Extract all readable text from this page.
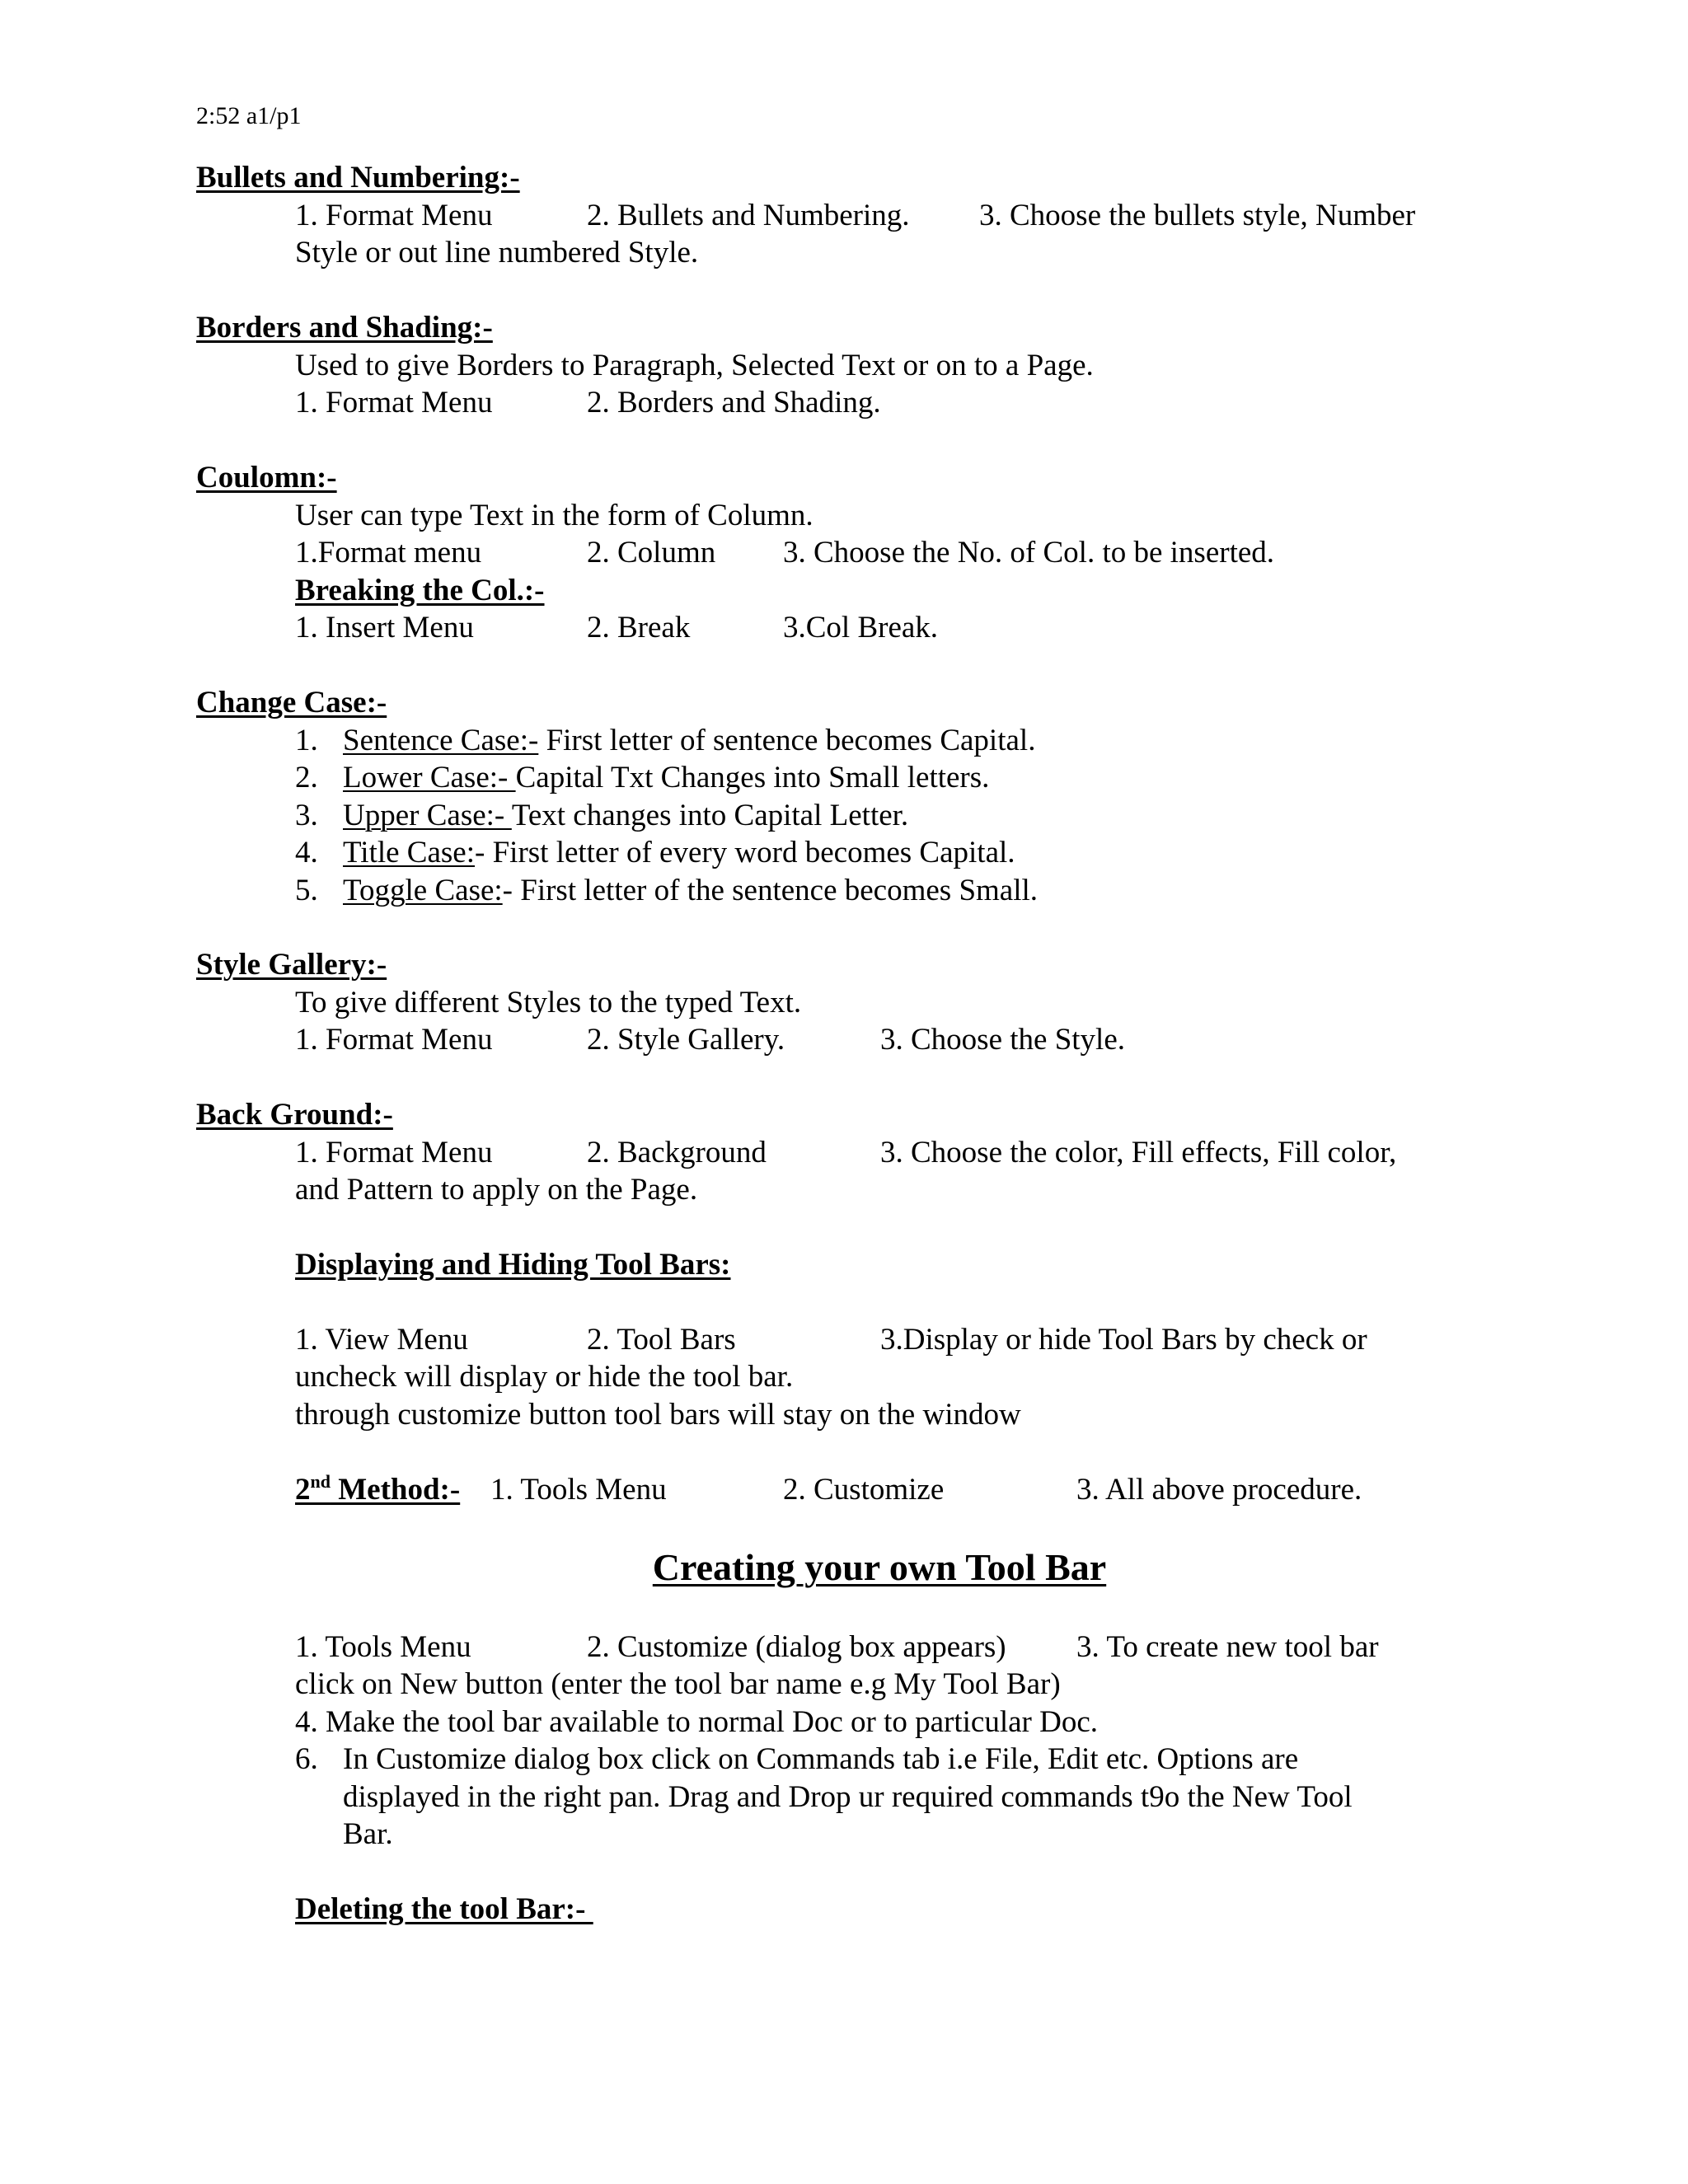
2:52 a1/p1
Bullets and Numbering:-
1. Format Menu	2. Bullets and Numbering. 3. Choose the bullets style, Number
Style or out line numbered Style.
Borders and Shading:-
Used to give Borders to Paragraph, Selected Text or on to a Page.
1. Format Menu	2. Borders and Shading.
Coulomn:-
User can type Text in the form of Column.
1.Format menu	2. Column 3. Choose the No. of Col. to be inserted.
Breaking the Col.:-
1. Insert Menu	2. Break	3.Col Break.
Change Case:-
1. Sentence Case:- First letter of sentence becomes Capital.
2. Lower Case:- Capital Txt Changes into Small letters.
3. Upper Case:- Text changes into Capital Letter.
4. Title Case:- First letter of every word becomes Capital.
5. Toggle Case:- First letter of the sentence becomes Small.
Style Gallery:-
To give different Styles to the typed Text.
1. Format Menu	2. Style Gallery.	3. Choose the Style.
Back Ground:-
1. Format Menu	2. Background	3. Choose the color, Fill effects, Fill color,
and Pattern to apply on the Page.
Displaying and Hiding Tool Bars:
1. View Menu	2. Tool Bars	3.Display or hide Tool Bars by check or
uncheck will display or hide the tool bar.
through customize button tool bars will stay on the window
2nd Method:- 1. Tools Menu	2. Customize	3. All above procedure.
Creating your own Tool Bar
1. Tools Menu	2. Customize (dialog box appears) 3. To create new tool bar
click on New button (enter the tool bar name e.g My Tool Bar)
4. Make the tool bar available to normal Doc or to particular Doc.
6. In Customize dialog box click on Commands tab i.e File, Edit etc. Options are
displayed in the right pan. Drag and Drop ur required commands t9o the New Tool
Bar.
Deleting the tool Bar:-
